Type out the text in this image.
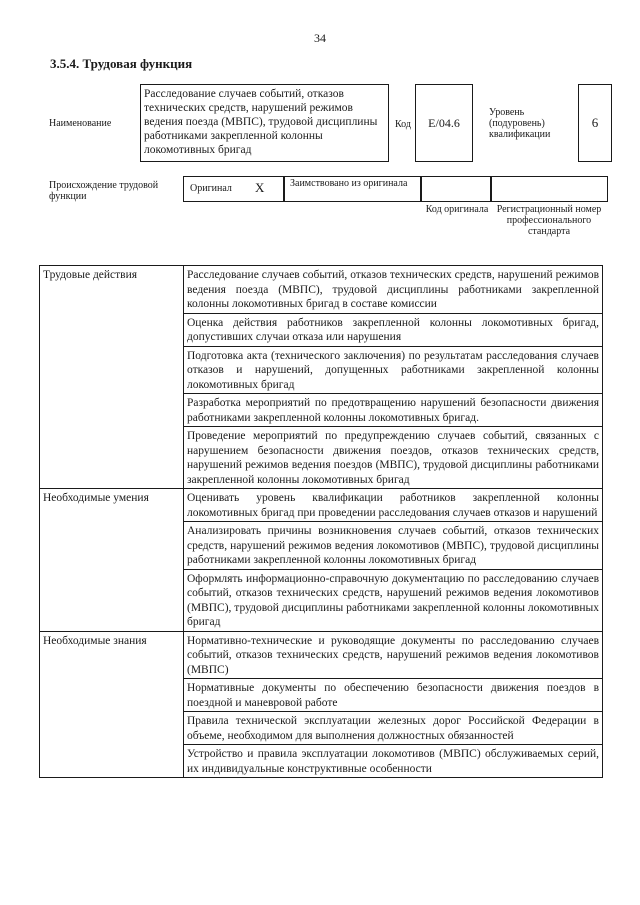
34
3.5.4. Трудовая функция
Наименование
Расследование случаев событий, отказов технических средств, нарушений режимов ведения поезда (МВПС), трудовой дисциплины работниками закрепленной колонны локомотивных бригад
Код	E/04.6
Уровень (подуровень) квалификации
6
Происхождение трудовой функции
Оригинал X	Заимствовано из оригинала
Код оригинала Регистрационный номер профессионального стандарта
Трудовые действия	Расследование случаев событий, отказов технических средств, нарушений режимов ведения поезда (МВПС), трудовой дисциплины работниками закрепленной колонны локомотивных бригад в составе комиссии
	Оценка действия работников закрепленной колонны локомотивных бригад, допустивших случаи отказа или нарушения
	Подготовка акта (технического заключения) по результатам расследования случаев отказов и нарушений, допущенных работниками закрепленной колонны локомотивных бригад
	Разработка мероприятий по предотвращению нарушений безопасности движения работниками закрепленной колонны локомотивных бригад.
	Проведение мероприятий по предупреждению случаев событий, связанных с нарушением безопасности движения поездов, отказов технических средств, нарушений режимов ведения поездов (МВПС), трудовой дисциплины работниками закрепленной колонны локомотивных бригад
Необходимые умения	Оценивать уровень квалификации работников закрепленной колонны локомотивных бригад при проведении расследования случаев отказов и нарушений
	Анализировать причины возникновения случаев событий, отказов технических средств, нарушений режимов ведения локомотивов (МВПС), трудовой дисциплины работниками закрепленной колонны локомотивных бригад
	Оформлять информационно-справочную документацию по расследованию случаев событий, отказов технических средств, нарушений режимов ведения локомотивов (МВПС), трудовой дисциплины работниками закрепленной колонны локомотивных бригад
Необходимые знания	Нормативно-технические и руководящие документы по расследованию случаев событий, отказов технических средств, нарушений режимов ведения локомотивов (МВПС)
	Нормативные документы по обеспечению безопасности движения поездов в поездной и маневровой работе
	Правила технической эксплуатации железных дорог Российской Федерации в объеме, необходимом для выполнения должностных обязанностей
	Устройство и правила эксплуатации локомотивов (МВПС) обслуживаемых серий, их индивидуальные конструктивные особенности
